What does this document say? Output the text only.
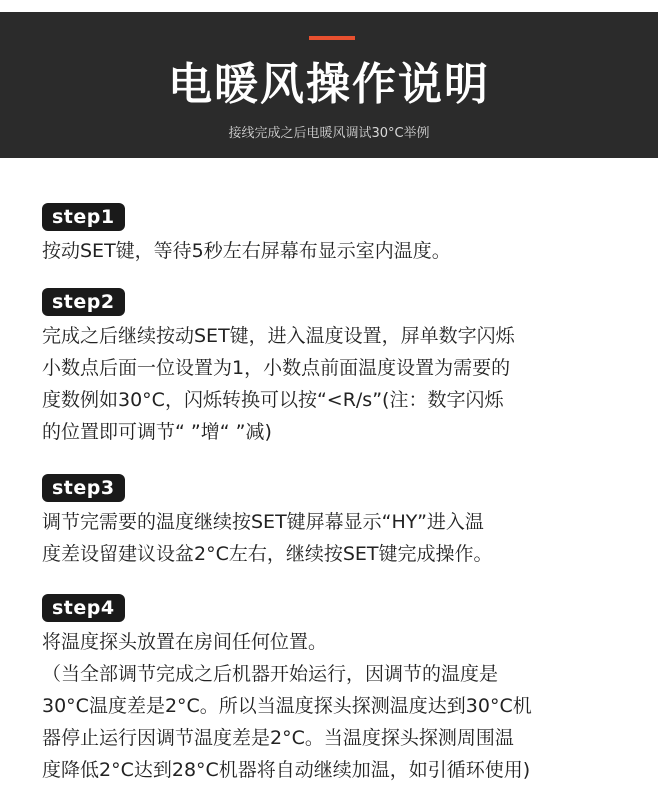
电暖风操作说明
接线完成之后电暖风调试30°C举例
step1

按动SET键，等待5秒左右屏幕布显示室内温度。

step2

完成之后继续按动SET键，进入温度设置，屏单数字闪烁
小数点后面一位设置为1，小数点前面温度设置为需要的
度数例如30°C，闪烁转换可以按“<R/s”(注：数字闪烁
的位置即可调节“ ”增“ ”减)

step3

调节完需要的温度继续按SET键屏幕显示“HY”进入温
度差设留建议设盆2°C左右，继续按SET键完成操作。

step4

将温度探头放置在房间任何位置。
（当全部调节完成之后机器开始运行，因调节的温度是
30°C温度差是2°C。所以当温度探头探测温度达到30°C机
器停止运行因调节温度差是2°C。当温度探头探测周围温
度降低2°C达到28°C机器将自动继续加温，如引循环使用)
